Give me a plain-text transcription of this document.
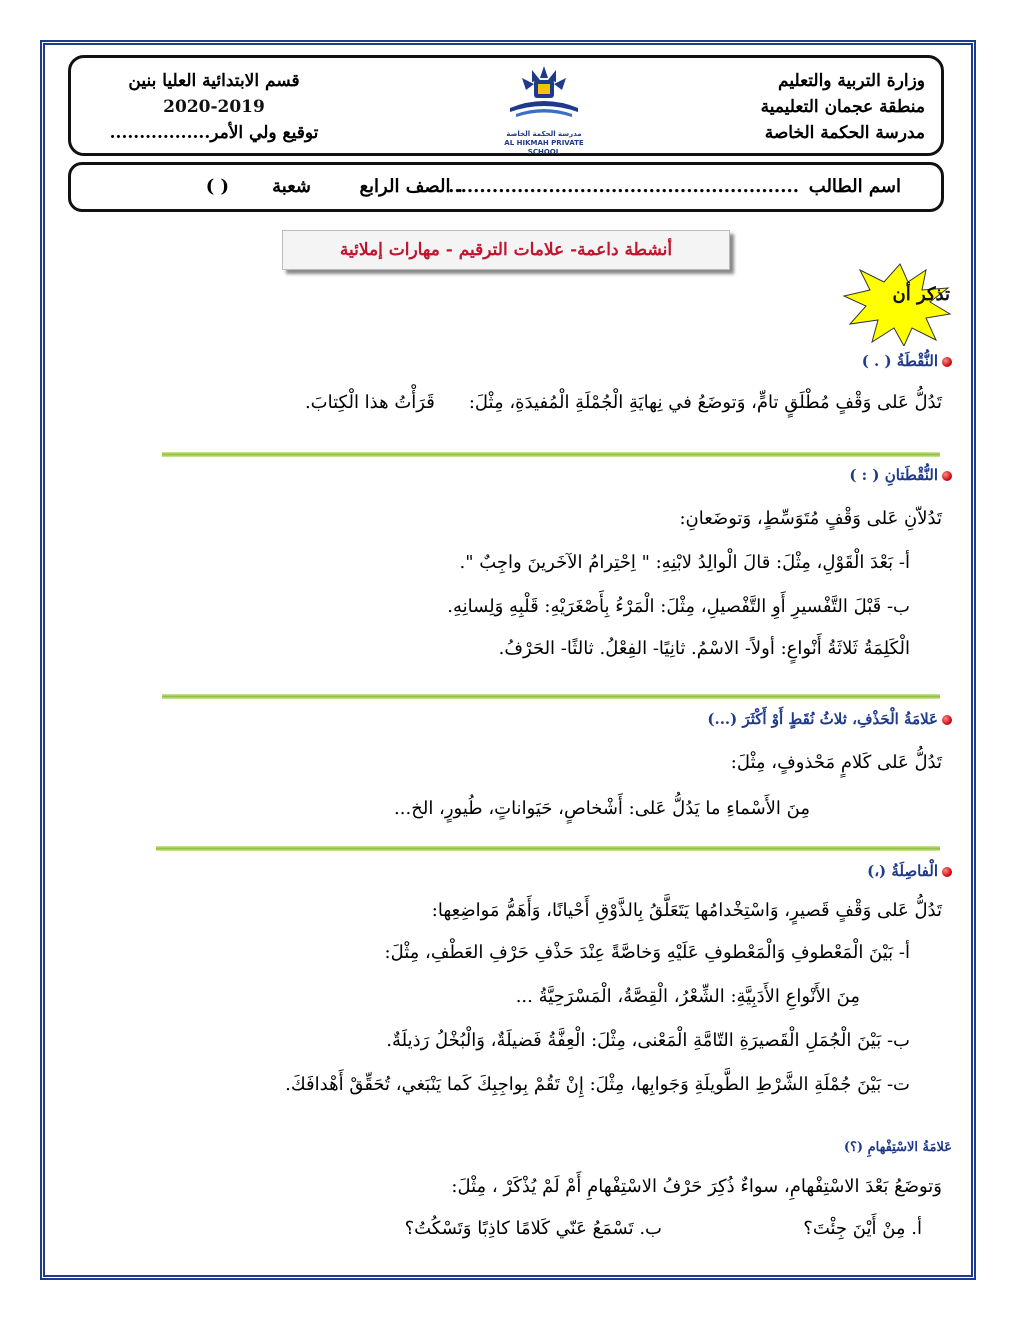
وزارة التربية والتعليم
منطقة عجمان التعليمية
مدرسة الحكمة الخاصة
مدرسة الحكمة الخاصة
AL HIKMAH PRIVATE SCHOOL
قسم الابتدائية العليا بنين
2020-2019
توقيع ولي الأمر.................
اسم الطالب
........................................................
. الصف الرابع
شعبة
( )
أنشطة داعمة- علامات الترقيم - مهارات إملائية
تذكر أن
النُّقْطَةُ ( . )
تَدُلُّ عَلى وَقْفٍ مُطْلَقٍ تامٍّ، وَتوضَعُ في نِهايَةِ الْجُمْلَةِ الْمُفيدَةِ، مِثْلَ:قَرَأْتُ هذا الْكِتابَ.
النُّقْطَتانِ ( : )
تَدُلاّنِ عَلى وَقْفٍ مُتَوَسِّطٍ، وَتوضَعانِ:
أ- بَعْدَ الْقَوْلِ، مِثْلَ: قالَ الْوالِدُ لابْنِهِ: " اِحْتِرامُ الآخَرينَ واجِبٌ ".
ب- قَبْلَ التَّفْسيرِ أَوِ التَّفْصيلِ، مِثْلَ: الْمَرْءُ بِأَصْغَرَيْهِ: قَلْبِهِ وَلِسانِهِ.
الْكَلِمَةُ ثَلاثَةُ أَنْواعٍ: أولاً- الاسْمُ. ثانِيًا- الفِعْلُ. ثالثًا- الحَرْفُ.
عَلامَةُ الْحَذْفِ، ثلاثُ نُقَطٍ أَوْ أَكْثَرَ (...)
تَدُلُّ عَلى كَلامٍ مَحْذوفٍ، مِثْلَ:
مِنَ الأَسْماءِ ما يَدُلُّ عَلى: أَشْخاصٍ، حَيَواناتٍ، طُيورٍ، الخ...
الْفاصِلَةُ (،)
تَدُلُّ عَلى وَقْفٍ قَصيرٍ، وَاسْتِخْدامُها يَتَعَلَّقُ بِالذَّوْقِ أَحْيانًا، وَأَهَمُّ مَواضِعِها:
أ- بَيْنَ الْمَعْطوفِ وَالْمَعْطوفِ عَلَيْهِ وَخاصَّةً عِنْدَ حَذْفِ حَرْفِ العَطْفِ، مِثْلَ:
مِنَ الأَنْواعِ الأَدَبِيَّةِ: الشِّعْرُ، الْقِصَّةُ، الْمَسْرَحِيَّةُ ...
ب- بَيْنَ الْجُمَلِ الْقَصيرَةِ التّامَّةِ الْمَعْنى، مِثْلَ: الْعِفَّةُ فَضيلَةٌ، وَالْبُخْلُ رَذيلَةٌ.
ت- بَيْنَ جُمْلَةِ الشَّرْطِ الطَّويلَةِ وَجَوابِها، مِثْلَ: إِنْ تَقُمْ بِواجِبِكَ كَما يَنْبَغي، تُحَقِّقْ أَهْدافَكَ.
عَلامَةُ الاسْتِفْهامِ (؟)
وَتوضَعُ بَعْدَ الاسْتِفْهامِ، سواءٌ ذُكِرَ حَرْفُ الاسْتِفْهامِ أَمْ لَمْ يُذْكَرْ ، مِثْلَ:
أ. مِنْ أَيْنَ جِئْتَ؟
ب. تَسْمَعُ عَنّي كَلامًا كاذِبًا وَتَسْكُتُ؟
